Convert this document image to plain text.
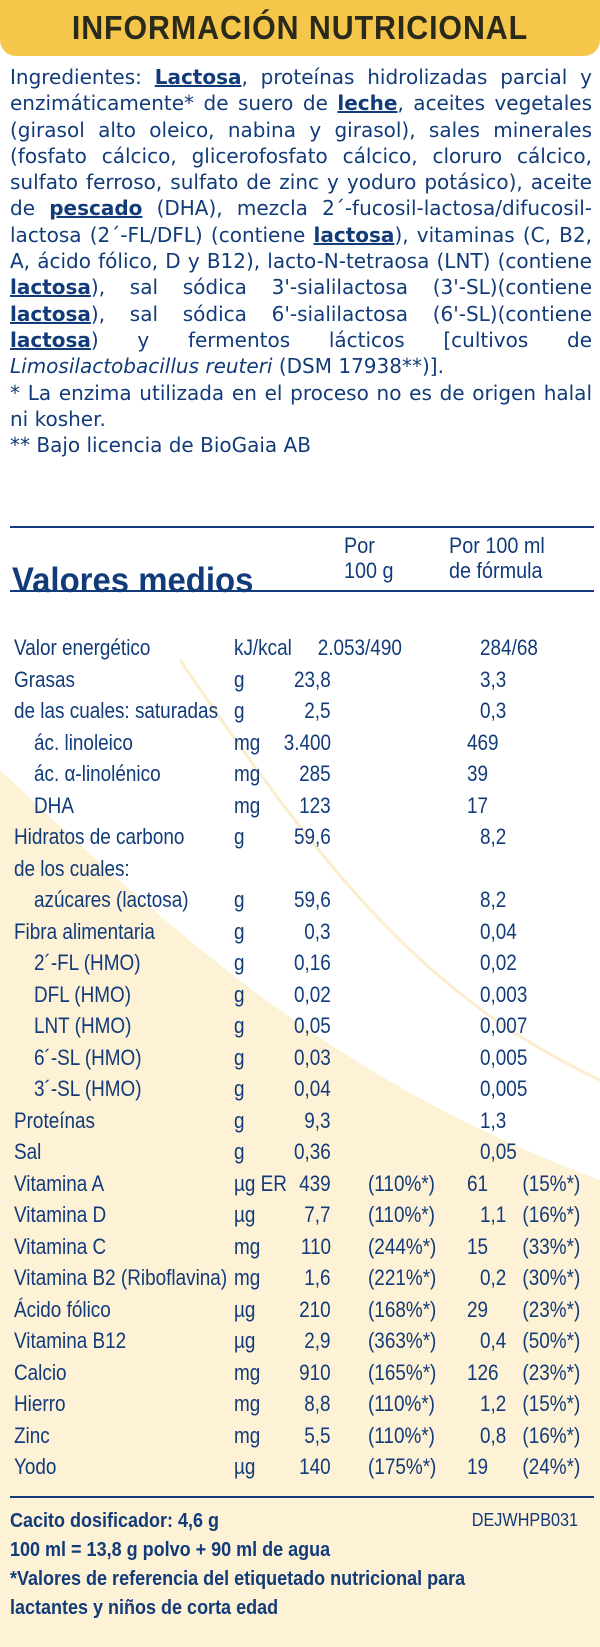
INFORMACIÓN NUTRICIONAL

Ingredientes: Lactosa, proteínas hidrolizadas parcial y enzimáticamente* de suero de leche, aceites vegetales (girasol alto oleico, nabina y girasol), sales minerales (fosfato cálcico, glicerofosfato cálcico, cloruro cálcico, sulfato ferroso, sulfato de zinc y yoduro potásico), aceite de pescado (DHA), mezcla 2´-fucosil-lactosa/difucosil-lactosa (2´-FL/DFL) (contiene lactosa), vitaminas (C, B2, A, ácido fólico, D y B12), lacto-N-tetraosa (LNT) (contiene lactosa), sal sódica 3'-sialilactosa (3'-SL)(contiene lactosa), sal sódica 6'-sialilactosa (6'-SL)(contiene lactosa) y fermentos lácticos [cultivos de Limosilactobacillus reuteri (DSM 17938**)].

* La enzima utilizada en el proceso no es de origen halal ni kosher.

** Bajo licencia de BioGaia AB

Valores medios
Por
100 g
Por 100 ml
de fórmula
Valor energético	kJ/kcal 2.053/490	284/68
Grasas	g 23,8	3,3
de las cuales: saturadas g	2,5	0,3
ác. linoleico	mg 3.400	469
ác. α-linolénico	mg 285	39
DHA	mg 123	17
Hidratos de carbono g 59,6	8,2
de los cuales:
azúcares (lactosa) g 59,6	8,2
Fibra alimentaria	g	0,3	0,04
2´-FL (HMO)	g 0,16	0,02
DFL (HMO)	g 0,02	0,003
LNT (HMO)	g 0,05	0,007
6´-SL (HMO)	g 0,03	0,005
3´-SL (HMO)	g 0,04	0,005
Proteínas	g	9,3	1,3
Sal	g 0,36	0,05
Vitamina A	µg ER 439 (110%*) 61 (15%*)
Vitamina D	µg 7,7 (110%*) 1,1 (16%*)
Vitamina C	mg 110 (244%*) 15 (33%*)
Vitamina B2 (Riboflavina) mg 1,6 (221%*) 0,2 (30%*)
Ácido fólico	µg 210 (168%*) 29 (23%*)
Vitamina B12	µg 2,9 (363%*) 0,4 (50%*)
Calcio	mg 910 (165%*) 126 (23%*)
Hierro	mg 8,8 (110%*) 1,2 (15%*)
Zinc	mg 5,5 (110%*) 0,8 (16%*)
Yodo	µg 140 (175%*) 19 (24%*)
DEJWHPB031
Cacito dosificador: 4,6 g
100 ml = 13,8 g polvo + 90 ml de agua
*Valores de referencia del etiquetado nutricional para
lactantes y niños de corta edad
